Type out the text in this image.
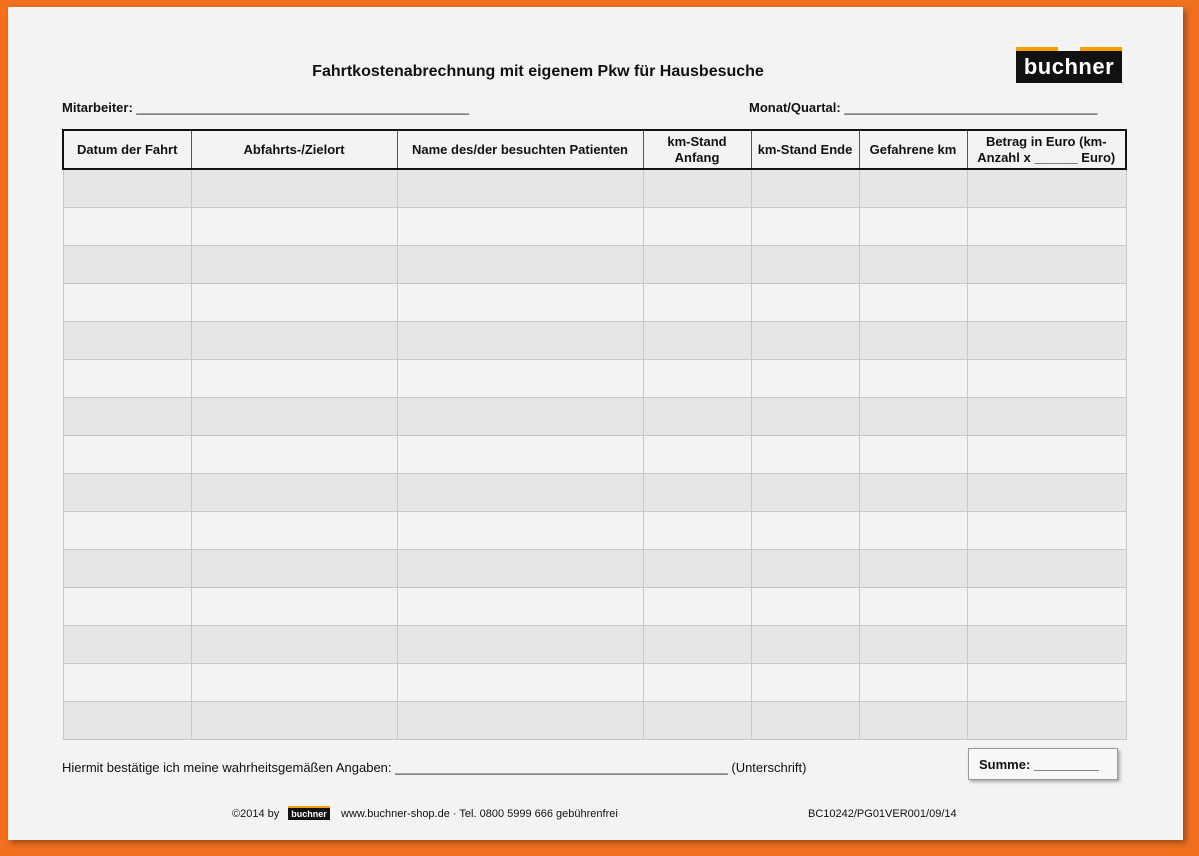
Fahrtkostenabrechnung mit eigenem Pkw für Hausbesuche	buchner
Mitarbeiter: ______________________________________________	Monat/Quartal: ___________________________________
Datum der Fahrt	Abfahrts-/Zielort	Name des/der besuchten Patienten	km-Stand Anfang	km-Stand Ende	Gefahrene km	Betrag in Euro (km-Anzahl x ______ Euro)

Hiermit bestätige ich meine wahrheitsgemäßen Angaben: ______________________________________________ (Unterschrift)	Summe: _________
©2014 by	buchner www.buchner-shop.de · Tel. 0800 5999 666 gebührenfrei	BC10242/PG01VER001/09/14
